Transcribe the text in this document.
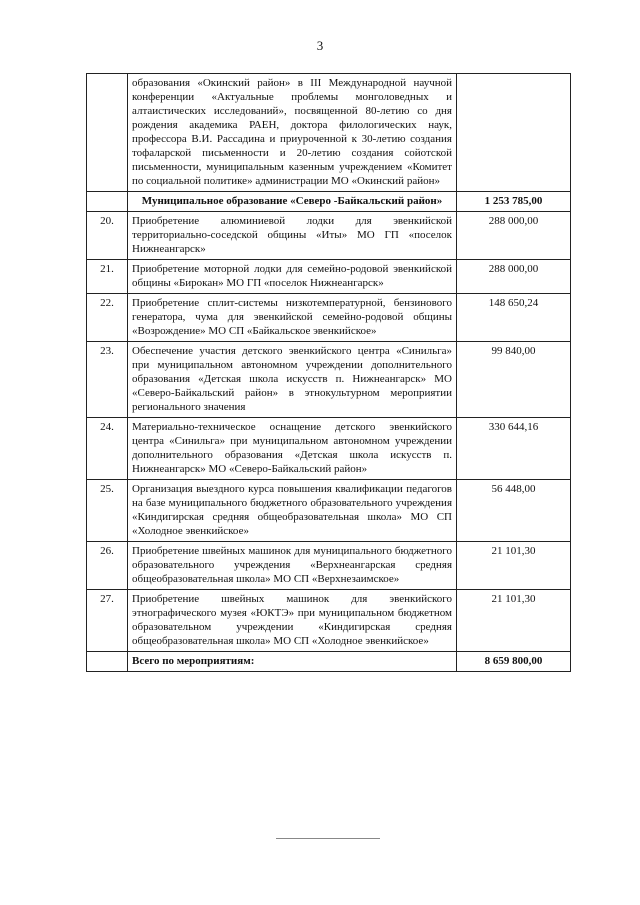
3
	образования «Окинский район» в III Международной научной конференции «Актуальные проблемы монголоведных и алтаистических исследований», посвященной 80-летию со дня рождения академика РАЕН, доктора филологических наук, профессора В.И. Рассадина и приуроченной к 30-летию создания тофаларской письменности и 20-летию создания сойотской письменности, муниципальным казенным учреждением «Комитет по социальной политике» администрации МО «Окинский район»	
	Муниципальное образование «Северо -Байкальский район»	1 253 785,00
20.	Приобретение алюминиевой лодки для эвенкийской территориально-соседской общины «Иты» МО ГП «поселок Нижнеангарск»	288 000,00
21.	Приобретение моторной лодки для семейно-родовой эвенкийской общины «Бирокан» МО ГП «поселок Нижнеангарск»	288 000,00
22.	Приобретение сплит-системы низкотемпературной, бензинового генератора, чума для эвенкийской семейно-родовой общины «Возрождение» МО СП «Байкальское эвенкийское»	148 650,24
23.	Обеспечение участия детского эвенкийского центра «Синильга» при муниципальном автономном учреждении дополнительного образования «Детская школа искусств п. Нижнеангарск» МО «Северо-Байкальский район» в этнокультурном мероприятии регионального значения	99 840,00
24.	Материально-техническое оснащение детского эвенкийского центра «Синильга» при муниципальном автономном учреждении дополнительного образования «Детская школа искусств п. Нижнеангарск» МО «Северо-Байкальский район»	330 644,16
25.	Организация выездного курса повышения квалификации педагогов на базе муниципального бюджетного образовательного учреждения «Киндигирская средняя общеобразовательная школа» МО СП «Холодное эвенкийское»	56 448,00
26.	Приобретение швейных машинок для муниципального бюджетного образовательного учреждения «Верхнеангарская средняя общеобразовательная школа» МО СП «Верхнезаимское»	21 101,30
27.	Приобретение швейных машинок для эвенкийского этнографического музея «ЮКТЭ» при муниципальном бюджетном образовательном учреждении «Киндигирская средняя общеобразовательная школа» МО СП «Холодное эвенкийское»	21 101,30
	Всего по мероприятиям:	8 659 800,00
